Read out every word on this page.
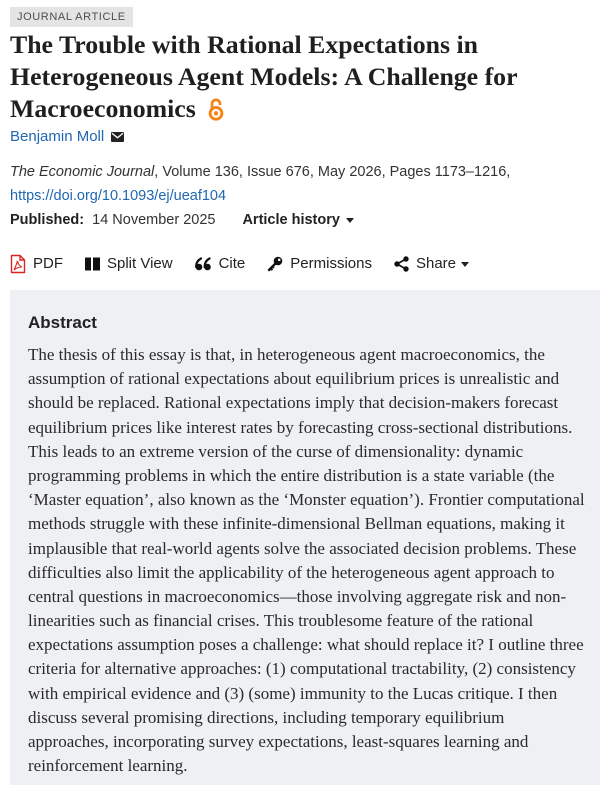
JOURNAL ARTICLE
The Trouble with Rational Expectations in Heterogeneous Agent Models: A Challenge for Macroeconomics
Benjamin Moll
The Economic Journal, Volume 136, Issue 676, May 2026, Pages 1173–1216,
https://doi.org/10.1093/ej/ueaf104
Published: 14 November 2025 Article history
PDF	Split View	Cite	Permissions	Share
Abstract
The thesis of this essay is that, in heterogeneous agent macroeconomics, the
assumption of rational expectations about equilibrium prices is unrealistic and
should be replaced. Rational expectations imply that decision-makers forecast
equilibrium prices like interest rates by forecasting cross-sectional distributions.
This leads to an extreme version of the curse of dimensionality: dynamic
programming problems in which the entire distribution is a state variable (the
‘Master equation’, also known as the ‘Monster equation’). Frontier computational
methods struggle with these infinite-dimensional Bellman equations, making it
implausible that real-world agents solve the associated decision problems. These
difficulties also limit the applicability of the heterogeneous agent approach to
central questions in macroeconomics—those involving aggregate risk and non-
linearities such as financial crises. This troublesome feature of the rational
expectations assumption poses a challenge: what should replace it? I outline three
criteria for alternative approaches: (1) computational tractability, (2) consistency
with empirical evidence and (3) (some) immunity to the Lucas critique. I then
discuss several promising directions, including temporary equilibrium
approaches, incorporating survey expectations, least-squares learning and
reinforcement learning.
